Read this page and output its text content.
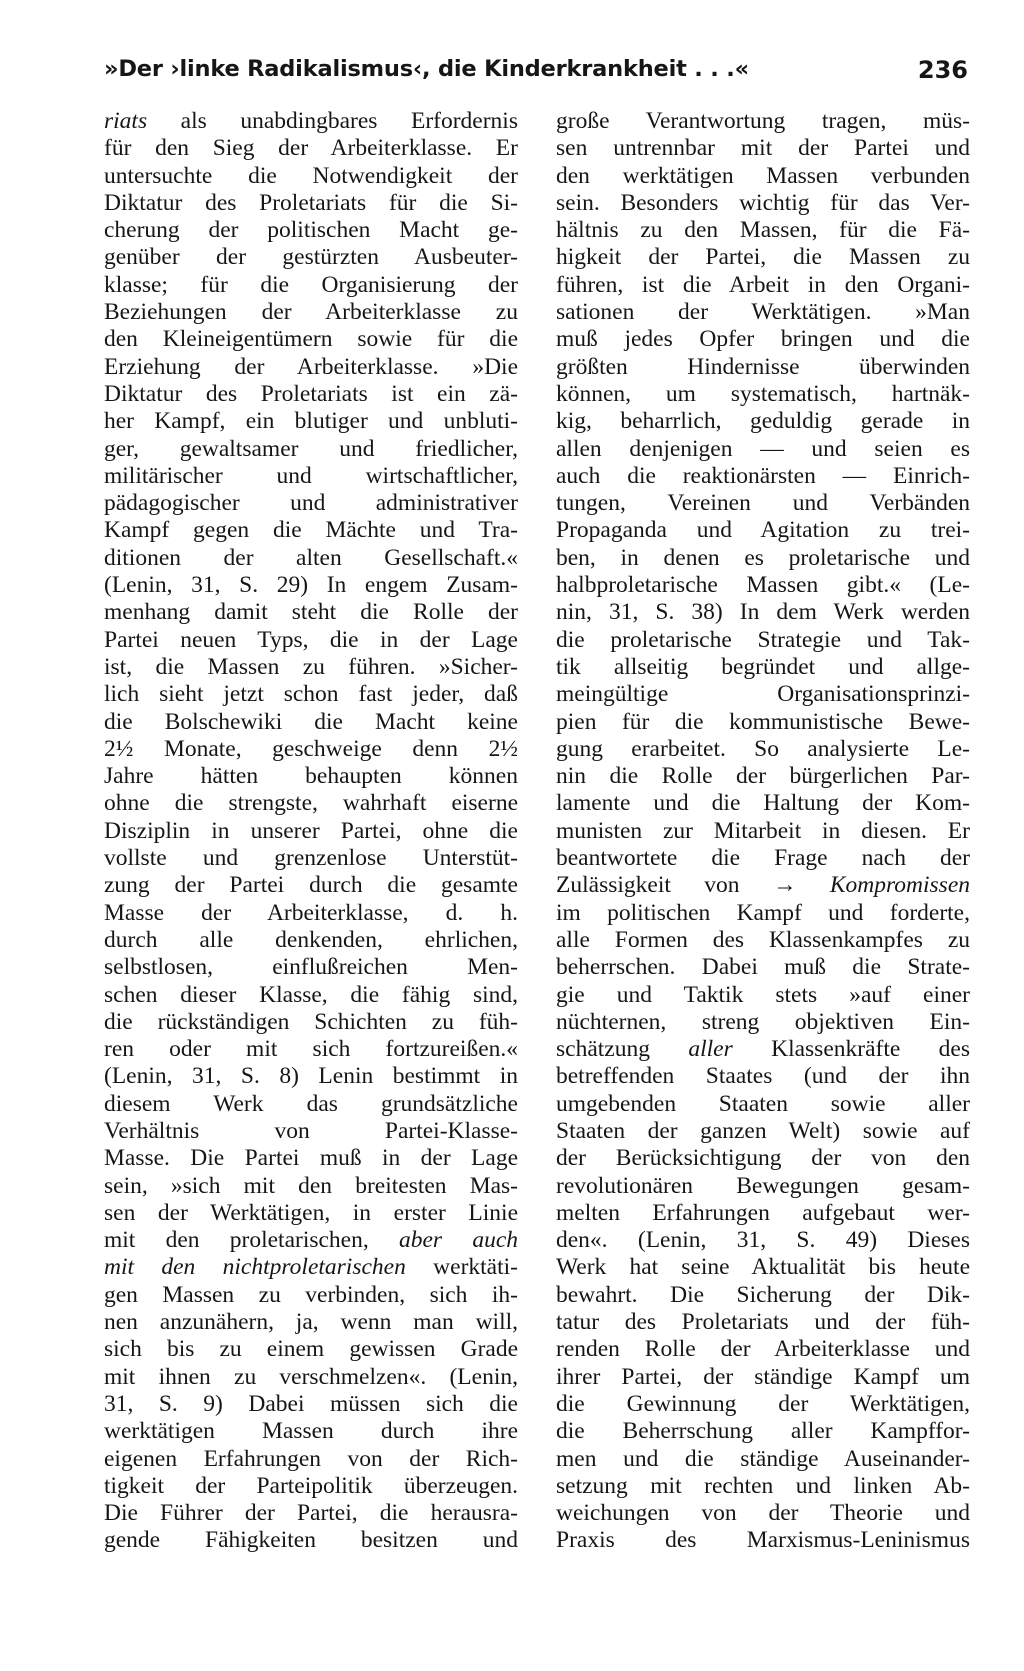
»Der ›linke Radikalismus‹, die Kinderkrankheit . . .«	236
riats als unabdingbares Erfordernis
für den Sieg der Arbeiterklasse. Er
untersuchte die Notwendigkeit der
Diktatur des Proletariats für die Si-
cherung der politischen Macht ge-
genüber der gestürzten Ausbeuter-
klasse; für die Organisierung der
Beziehungen der Arbeiterklasse zu
den Kleineigentümern sowie für die
Erziehung der Arbeiterklasse. »Die
Diktatur des Proletariats ist ein zä-
her Kampf, ein blutiger und unbluti-
ger, gewaltsamer und friedlicher,
militärischer und wirtschaftlicher,
pädagogischer und administrativer
Kampf gegen die Mächte und Tra-
ditionen der alten Gesellschaft.«
(Lenin, 31, S. 29) In engem Zusam-
menhang damit steht die Rolle der
Partei neuen Typs, die in der Lage
ist, die Massen zu führen. »Sicher-
lich sieht jetzt schon fast jeder, daß
die Bolschewiki die Macht keine
2½ Monate, geschweige denn 2½
Jahre hätten behaupten können
ohne die strengste, wahrhaft eiserne
Disziplin in unserer Partei, ohne die
vollste und grenzenlose Unterstüt-
zung der Partei durch die gesamte
Masse der Arbeiterklasse, d. h.
durch alle denkenden, ehrlichen,
selbstlosen, einflußreichen Men-
schen dieser Klasse, die fähig sind,
die rückständigen Schichten zu füh-
ren oder mit sich fortzureißen.«
(Lenin, 31, S. 8) Lenin bestimmt in
diesem Werk das grundsätzliche
Verhältnis von Partei-Klasse-
Masse. Die Partei muß in der Lage
sein, »sich mit den breitesten Mas-
sen der Werktätigen, in erster Linie
mit den proletarischen, aber auch
mit den nichtproletarischen werktäti-
gen Massen zu verbinden, sich ih-
nen anzunähern, ja, wenn man will,
sich bis zu einem gewissen Grade
mit ihnen zu verschmelzen«. (Lenin,
31, S. 9) Dabei müssen sich die
werktätigen Massen durch ihre
eigenen Erfahrungen von der Rich-
tigkeit der Parteipolitik überzeugen.
Die Führer der Partei, die herausra-
gende Fähigkeiten besitzen und
große Verantwortung tragen, müs-
sen untrennbar mit der Partei und
den werktätigen Massen verbunden
sein. Besonders wichtig für das Ver-
hältnis zu den Massen, für die Fä-
higkeit der Partei, die Massen zu
führen, ist die Arbeit in den Organi-
sationen der Werktätigen. »Man
muß jedes Opfer bringen und die
größten Hindernisse überwinden
können, um systematisch, hartnäk-
kig, beharrlich, geduldig gerade in
allen denjenigen — und seien es
auch die reaktionärsten — Einrich-
tungen, Vereinen und Verbänden
Propaganda und Agitation zu trei-
ben, in denen es proletarische und
halbproletarische Massen gibt.« (Le-
nin, 31, S. 38) In dem Werk werden
die proletarische Strategie und Tak-
tik allseitig begründet und allge-
meingültige Organisationsprinzi-
pien für die kommunistische Bewe-
gung erarbeitet. So analysierte Le-
nin die Rolle der bürgerlichen Par-
lamente und die Haltung der Kom-
munisten zur Mitarbeit in diesen. Er
beantwortete die Frage nach der
Zulässigkeit von → Kompromissen
im politischen Kampf und forderte,
alle Formen des Klassenkampfes zu
beherrschen. Dabei muß die Strate-
gie und Taktik stets »auf einer
nüchternen, streng objektiven Ein-
schätzung aller Klassenkräfte des
betreffenden Staates (und der ihn
umgebenden Staaten sowie aller
Staaten der ganzen Welt) sowie auf
der Berücksichtigung der von den
revolutionären Bewegungen gesam-
melten Erfahrungen aufgebaut wer-
den«. (Lenin, 31, S. 49) Dieses
Werk hat seine Aktualität bis heute
bewahrt. Die Sicherung der Dik-
tatur des Proletariats und der füh-
renden Rolle der Arbeiterklasse und
ihrer Partei, der ständige Kampf um
die Gewinnung der Werktätigen,
die Beherrschung aller Kampffor-
men und die ständige Auseinander-
setzung mit rechten und linken Ab-
weichungen von der Theorie und
Praxis des Marxismus-Leninismus
